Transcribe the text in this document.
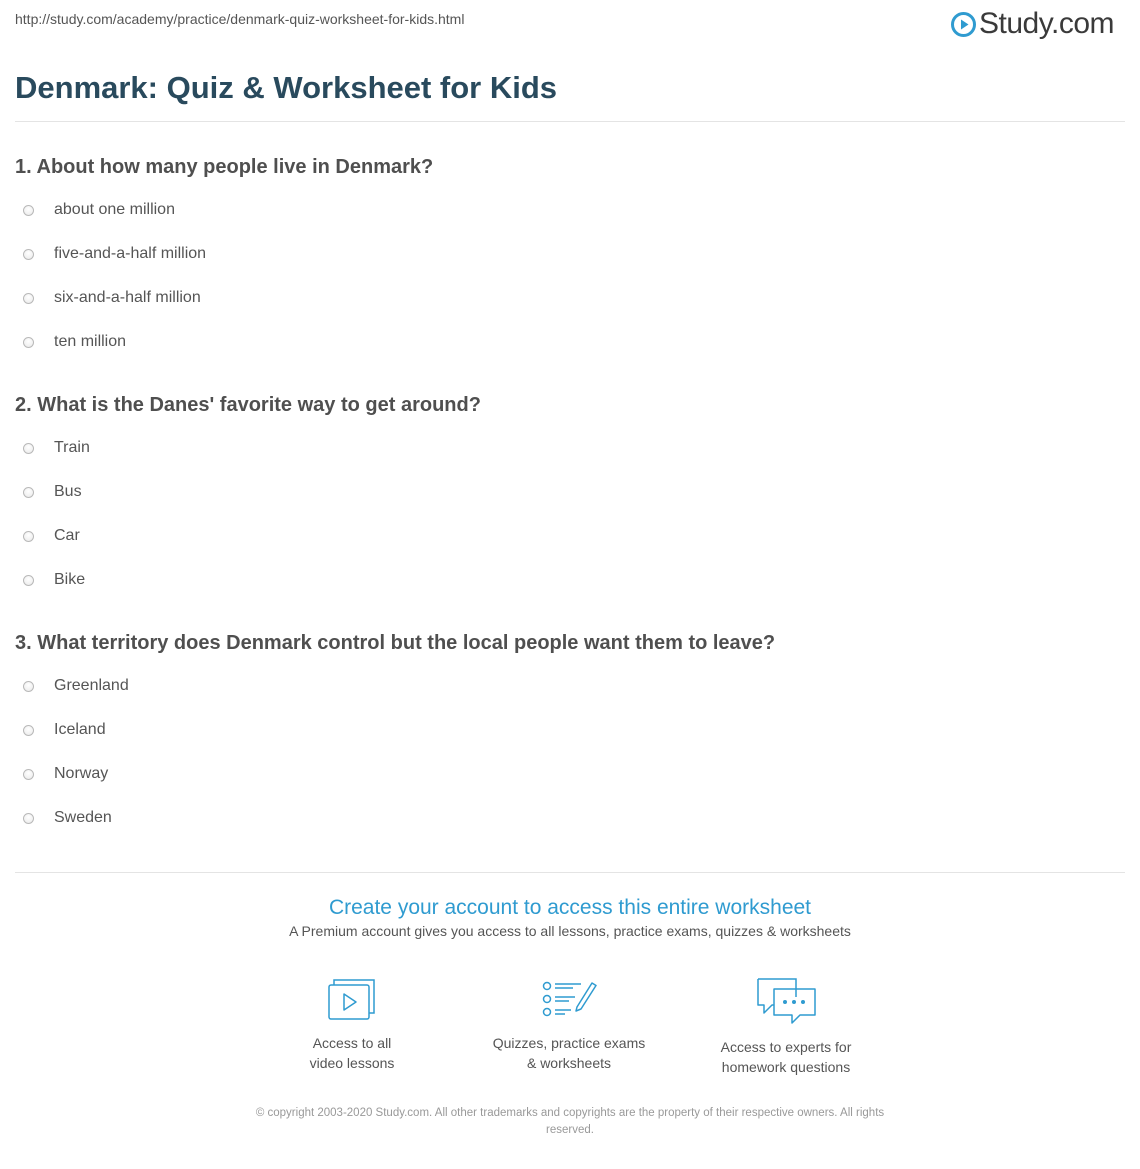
http://study.com/academy/practice/denmark-quiz-worksheet-for-kids.html	Study.com
Denmark: Quiz & Worksheet for Kids
1. About how many people live in Denmark?
about one million
five-and-a-half million
six-and-a-half million
ten million
2. What is the Danes' favorite way to get around?
Train
Bus
Car
Bike
3. What territory does Denmark control but the local people want them to leave?
Greenland
Iceland
Norway
Sweden
Create your account to access this entire worksheet
A Premium account gives you access to all lessons, practice exams, quizzes & worksheets
Access to all
video lessons
Quizzes, practice exams
& worksheets
Access to experts for
homework questions
© copyright 2003-2020 Study.com. All other trademarks and copyrights are the property of their respective owners. All rights
reserved.
